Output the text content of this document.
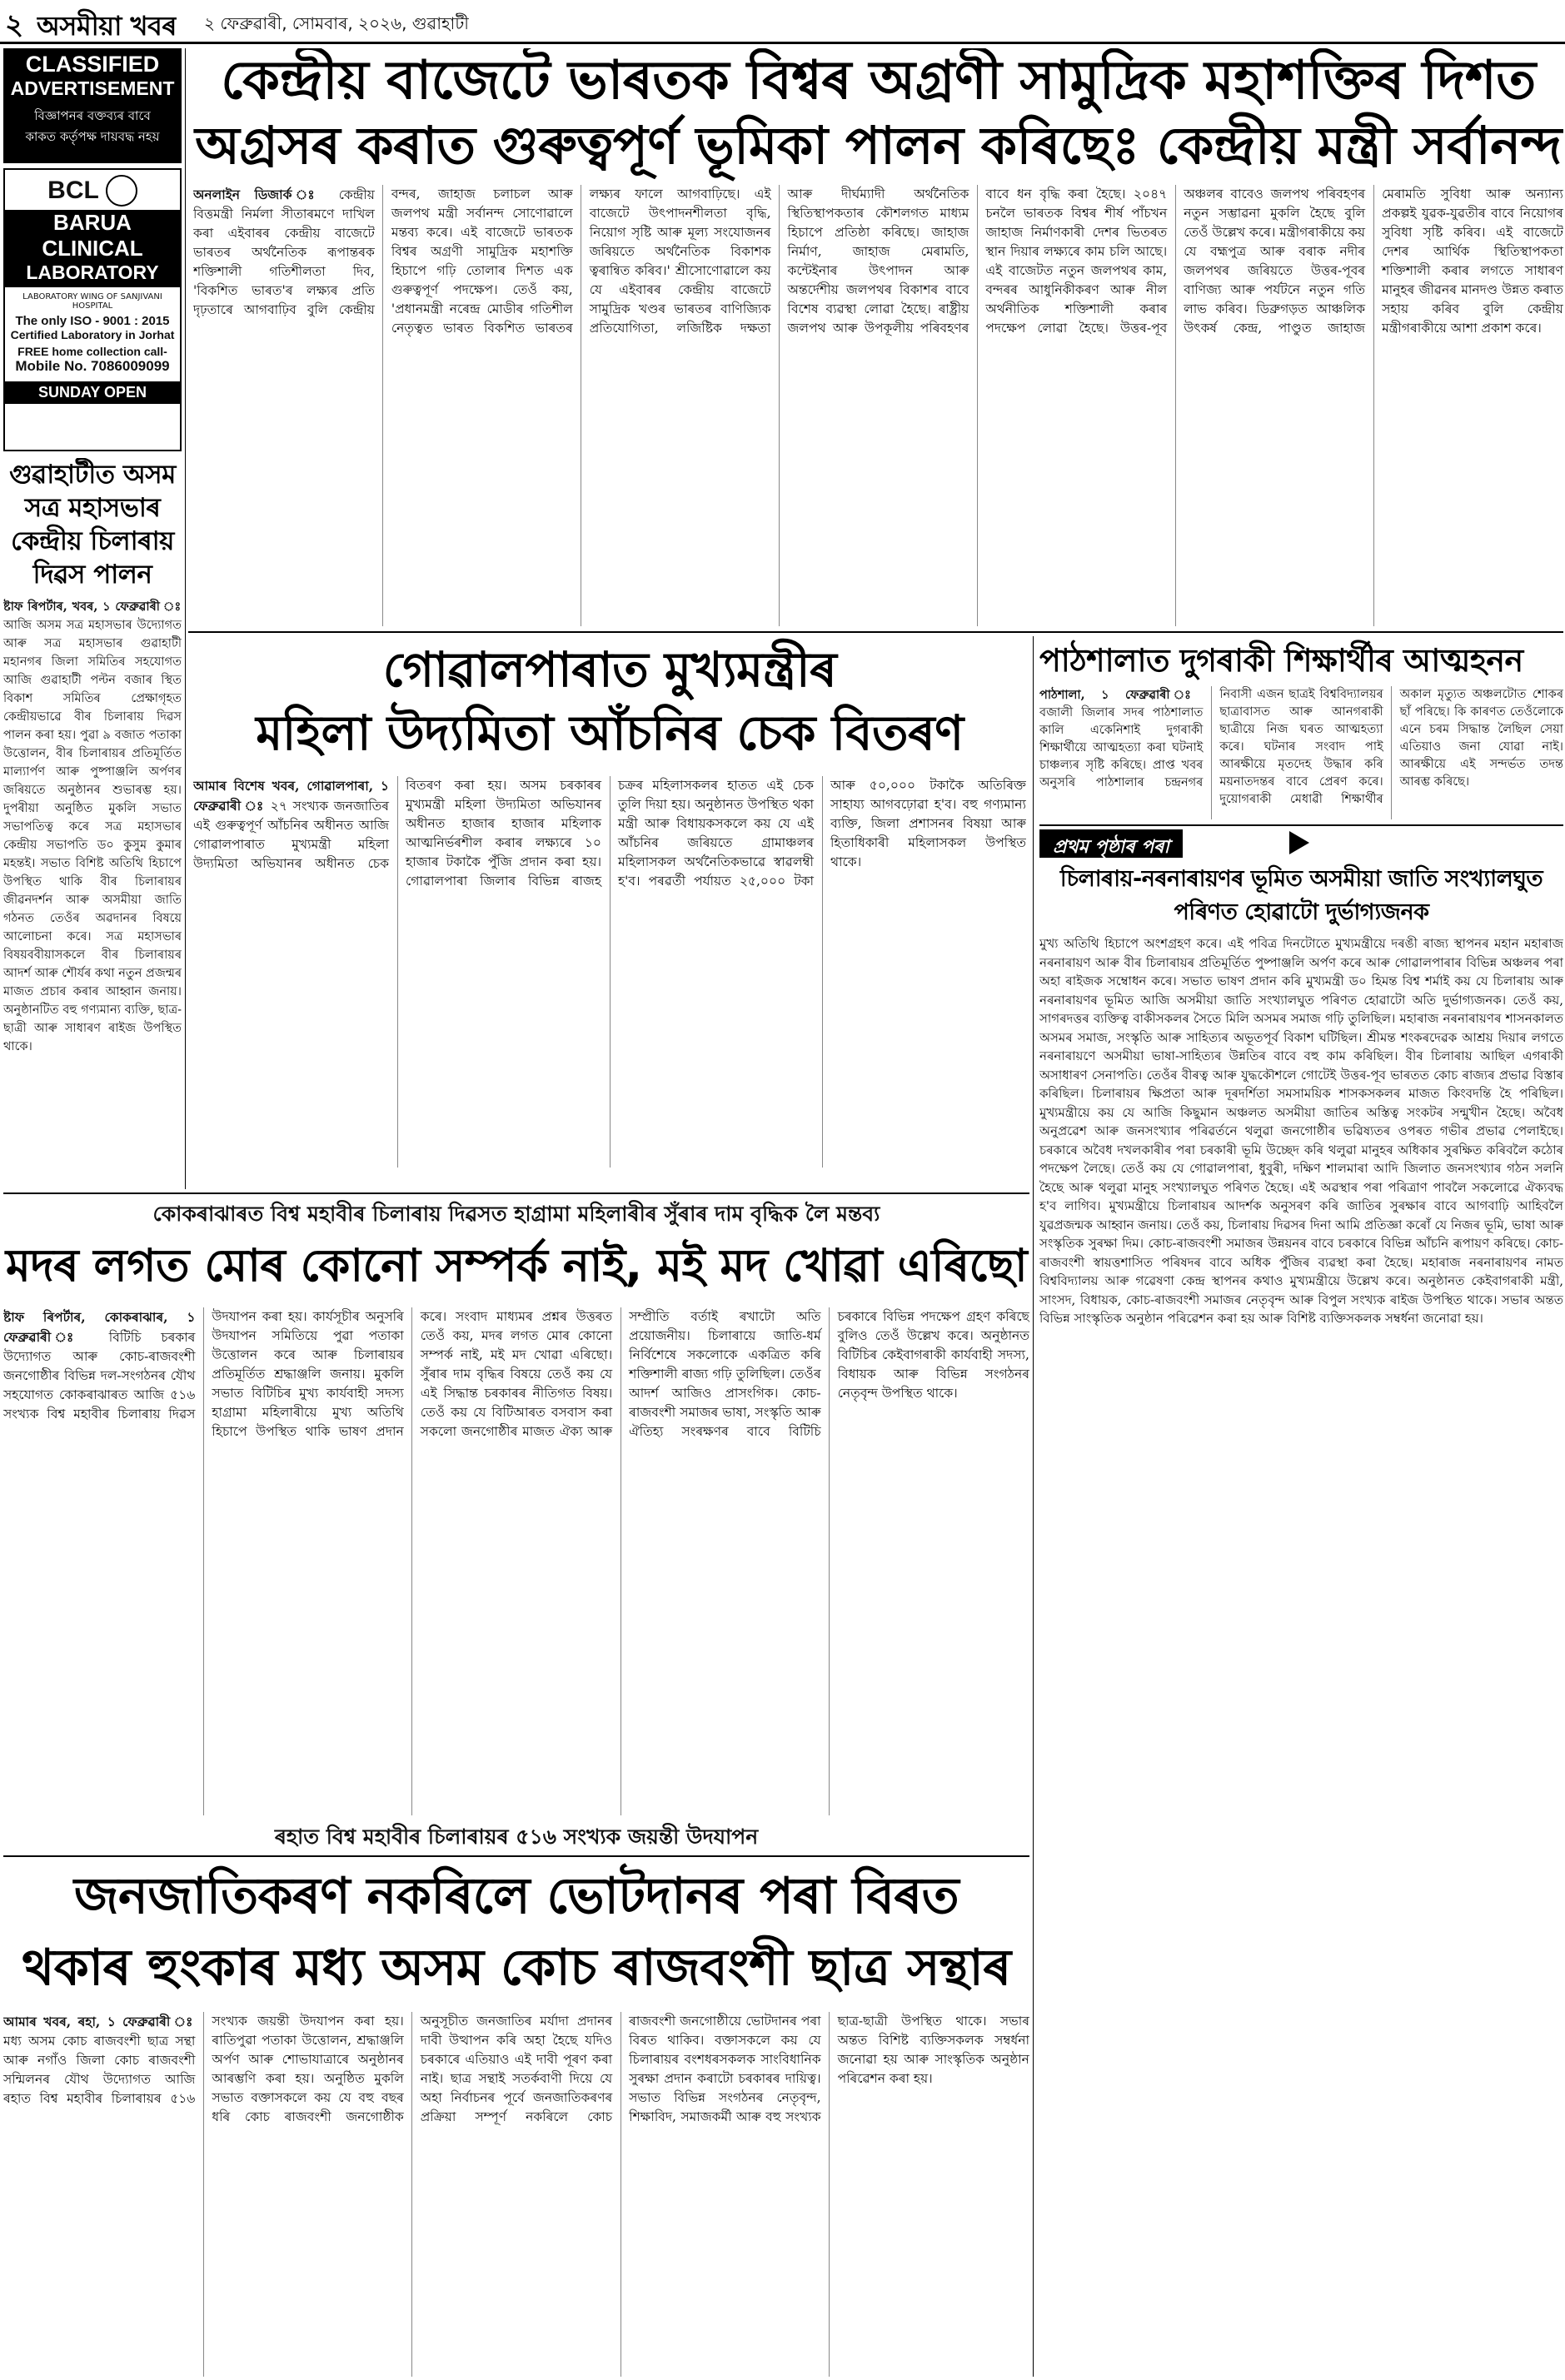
২ অসমীয়া খবৰ ২ ফেব্ৰুৱাৰী, সোমবাৰ, ২০২৬, গুৱাহাটী
CLASSIFIED
ADVERTISEMENT
বিজ্ঞাপনৰ বক্তব্যৰ বাবে
কাকত কৰ্তৃপক্ষ দায়বদ্ধ নহয়
BCL
BARUA
CLINICAL
LABORATORY
LABORATORY WING OF SANJIVANI HOSPITAL
The only ISO - 9001 : 2015
Certified Laboratory in Jorhat
FREE home collection call-
Mobile No. 7086009099
SUNDAY OPEN
গুৱাহাটীত অসম সত্ৰ মহাসভাৰ কেন্দ্ৰীয় চিলাৰায় দিৱস পালন
ষ্টাফ ৰিপৰ্টাৰ, খবৰ, ১ ফেব্ৰুৱাৰী ঃ আজি অসম সত্ৰ মহাসভাৰ উদ্যোগত আৰু সত্ৰ মহাসভাৰ গুৱাহাটী মহানগৰ জিলা সমিতিৰ সহযোগত আজি গুৱাহাটী পল্টন বজাৰ স্থিত বিকাশ সমিতিৰ প্ৰেক্ষাগৃহত কেন্দ্ৰীয়ভাৱে বীৰ চিলাৰায় দিৱস পালন কৰা হয়। পুৱা ৯ বজাত পতাকা উত্তোলন, বীৰ চিলাৰায়ৰ প্ৰতিমূৰ্তিত মাল্যাৰ্পণ আৰু পুষ্পাঞ্জলি অৰ্পণৰ জৰিয়তে অনুষ্ঠানৰ শুভাৰম্ভ হয়। দুপৰীয়া অনুষ্ঠিত মুকলি সভাত সভাপতিত্ব কৰে সত্ৰ মহাসভাৰ কেন্দ্ৰীয় সভাপতি ড০ কুসুম কুমাৰ মহন্তই। সভাত বিশিষ্ট অতিথি হিচাপে উপস্থিত থাকি বীৰ চিলাৰায়ৰ জীৱনদৰ্শন আৰু অসমীয়া জাতি গঠনত তেওঁৰ অৱদানৰ বিষয়ে আলোচনা কৰে। সত্ৰ মহাসভাৰ বিষয়ববীয়াসকলে বীৰ চিলাৰায়ৰ আদৰ্শ আৰু শৌৰ্যৰ কথা নতুন প্ৰজন্মৰ মাজত প্ৰচাৰ কৰাৰ আহ্বান জনায়। অনুষ্ঠানটিত বহু গণ্যমান্য ব্যক্তি, ছাত্ৰ-ছাত্ৰী আৰু সাধাৰণ ৰাইজ উপস্থিত থাকে।
কেন্দ্ৰীয় বাজেটে ভাৰতক বিশ্বৰ অগ্ৰণী সামুদ্ৰিক মহাশক্তিৰ দিশত
অগ্ৰসৰ কৰাত গুৰুত্বপূৰ্ণ ভূমিকা পালন কৰিছেঃ কেন্দ্ৰীয় মন্ত্ৰী সৰ্বানন্দ
অনলাইন ডিজাৰ্ক ঃ কেন্দ্ৰীয় বিত্তমন্ত্ৰী নিৰ্মলা সীতাৰমণে দাখিল কৰা এইবাৰৰ কেন্দ্ৰীয় বাজেটে ভাৰতৰ অৰ্থনৈতিক ৰূপান্তৰক শক্তিশালী গতিশীলতা দিব, 'বিকশিত ভাৰত'ৰ লক্ষ্যৰ প্ৰতি দৃঢ়তাৰে আগবাঢ়িব বুলি কেন্দ্ৰীয় বন্দৰ, জাহাজ চলাচল আৰু জলপথ মন্ত্ৰী সৰ্বানন্দ সোণোৱালে মন্তব্য কৰে। এই বাজেটে ভাৰতক বিশ্বৰ অগ্ৰণী সামুদ্ৰিক মহাশক্তি হিচাপে গঢ়ি তোলাৰ দিশত এক গুৰুত্বপূৰ্ণ পদক্ষেপ। তেওঁ কয়, 'প্ৰধানমন্ত্ৰী নৰেন্দ্ৰ মোডীৰ গতিশীল নেতৃত্বত ভাৰত বিকশিত ভাৰতৰ লক্ষ্যৰ ফালে আগবাঢ়িছে। এই বাজেটে উৎপাদনশীলতা বৃদ্ধি, নিয়োগ সৃষ্টি আৰু মূল্য সংযোজনৰ জৰিয়তে অৰ্থনৈতিক বিকাশক ত্বৰান্বিত কৰিব।' শ্ৰীসোণোৱালে কয় যে এইবাৰৰ কেন্দ্ৰীয় বাজেটে সামুদ্ৰিক খণ্ডৰ ভাৰতৰ বাণিজ্যিক প্ৰতিযোগিতা, লজিষ্টিক দক্ষতা আৰু দীৰ্ঘম্যাদী অৰ্থনৈতিক স্থিতিস্থাপকতাৰ কৌশলগত মাধ্যম হিচাপে প্ৰতিষ্ঠা কৰিছে। জাহাজ নিৰ্মাণ, জাহাজ মেৰামতি, কন্টেইনাৰ উৎপাদন আৰু অন্তৰ্দেশীয় জলপথৰ বিকাশৰ বাবে বিশেষ ব্যৱস্থা লোৱা হৈছে। ৰাষ্ট্ৰীয় জলপথ আৰু উপকূলীয় পৰিবহণৰ বাবে ধন বৃদ্ধি কৰা হৈছে। ২০৪৭ চনলৈ ভাৰতক বিশ্বৰ শীৰ্ষ পাঁচখন জাহাজ নিৰ্মাণকাৰী দেশৰ ভিতৰত স্থান দিয়াৰ লক্ষ্যৰে কাম চলি আছে। এই বাজেটত নতুন জলপথৰ কাম, বন্দৰৰ আধুনিকীকৰণ আৰু নীল অৰ্থনীতিক শক্তিশালী কৰাৰ পদক্ষেপ লোৱা হৈছে। উত্তৰ-পূব অঞ্চলৰ বাবেও জলপথ পৰিবহণৰ নতুন সম্ভাৱনা মুকলি হৈছে বুলি তেওঁ উল্লেখ কৰে। মন্ত্ৰীগৰাকীয়ে কয় যে বহ্মপুত্ৰ আৰু বৰাক নদীৰ জলপথৰ জৰিয়তে উত্তৰ-পূবৰ বাণিজ্য আৰু পৰ্যটনে নতুন গতি লাভ কৰিব। ডিব্ৰুগড়ত আঞ্চলিক উৎকৰ্ষ কেন্দ্ৰ, পাণ্ডুত জাহাজ মেৰামতি সুবিধা আৰু অন্যান্য প্ৰকল্পই যুৱক-যুৱতীৰ বাবে নিয়োগৰ সুবিধা সৃষ্টি কৰিব। এই বাজেটে দেশৰ আৰ্থিক স্থিতিস্থাপকতা শক্তিশালী কৰাৰ লগতে সাধাৰণ মানুহৰ জীৱনৰ মানদণ্ড উন্নত কৰাত সহায় কৰিব বুলি কেন্দ্ৰীয় মন্ত্ৰীগৰাকীয়ে আশা প্ৰকাশ কৰে।
গোৱালপাৰাত মুখ্যমন্ত্ৰীৰ
মহিলা উদ্যমিতা আঁচনিৰ চেক বিতৰণ
আমাৰ বিশেষ খবৰ, গোৱালপাৰা, ১ ফেব্ৰুৱাৰী ঃ ২৭ সংখ্যক জনজাতিৰ এই গুৰুত্বপূৰ্ণ আঁচনিৰ অধীনত আজি গোৱালপাৰাত মুখ্যমন্ত্ৰী মহিলা উদ্যমিতা অভিযানৰ অধীনত চেক বিতৰণ কৰা হয়। অসম চৰকাৰৰ মুখ্যমন্ত্ৰী মহিলা উদ্যমিতা অভিযানৰ অধীনত হাজাৰ হাজাৰ মহিলাক আত্মনিৰ্ভৰশীল কৰাৰ লক্ষ্যৰে ১০ হাজাৰ টকাকৈ পুঁজি প্ৰদান কৰা হয়। গোৱালপাৰা জিলাৰ বিভিন্ন ৰাজহ চক্ৰৰ মহিলাসকলৰ হাতত এই চেক তুলি দিয়া হয়। অনুষ্ঠানত উপস্থিত থকা মন্ত্ৰী আৰু বিধায়কসকলে কয় যে এই আঁচনিৰ জৰিয়তে গ্ৰামাঞ্চলৰ মহিলাসকল অৰ্থনৈতিকভাৱে স্বাৱলম্বী হ'ব। পৰৱৰ্তী পৰ্যায়ত ২৫,০০০ টকা আৰু ৫০,০০০ টকাকৈ অতিৰিক্ত সাহায্য আগবঢ়োৱা হ'ব। বহু গণ্যমান্য ব্যক্তি, জিলা প্ৰশাসনৰ বিষয়া আৰু হিতাধিকাৰী মহিলাসকল উপস্থিত থাকে।
পাঠশালাত দুগৰাকী শিক্ষাৰ্থীৰ আত্মহনন
পাঠশালা, ১ ফেব্ৰুৱাৰী ঃ বজালী জিলাৰ সদৰ পাঠশালাত কালি একেনিশাই দুগৰাকী শিক্ষাৰ্থীয়ে আত্মহত্যা কৰা ঘটনাই চাঞ্চল্যৰ সৃষ্টি কৰিছে। প্ৰাপ্ত খবৰ অনুসৰি পাঠশালাৰ চন্দ্ৰনগৰ নিবাসী এজন ছাত্ৰই বিশ্ববিদ্যালয়ৰ ছাত্ৰাবাসত আৰু আনগৰাকী ছাত্ৰীয়ে নিজ ঘৰত আত্মহত্যা কৰে। ঘটনাৰ সংবাদ পাই আৰক্ষীয়ে মৃতদেহ উদ্ধাৰ কৰি ময়নাতদন্তৰ বাবে প্ৰেৰণ কৰে। দুয়োগৰাকী মেধাৱী শিক্ষাৰ্থীৰ অকাল মৃত্যুত অঞ্চলটোত শোকৰ ছাঁ পৰিছে। কি কাৰণত তেওঁলোকে এনে চৰম সিদ্ধান্ত লৈছিল সেয়া এতিয়াও জনা যোৱা নাই। আৰক্ষীয়ে এই সন্দৰ্ভত তদন্ত আৰম্ভ কৰিছে।
প্ৰথম পৃষ্ঠাৰ পৰা
চিলাৰায়-নৰনাৰায়ণৰ ভূমিত অসমীয়া জাতি সংখ্যালঘুত
পৰিণত হোৱাটো দুৰ্ভাগ্যজনক
মুখ্য অতিথি হিচাপে অংশগ্ৰহণ কৰে। এই পবিত্ৰ দিনটোতে মুখ্যমন্ত্ৰীয়ে দৰঙী ৰাজ্য স্থাপনৰ মহান মহাৰাজ নৰনাৰায়ণ আৰু বীৰ চিলাৰায়ৰ প্ৰতিমূৰ্তিত পুষ্পাঞ্জলি অৰ্পণ কৰে আৰু গোৱালপাৰাৰ বিভিন্ন অঞ্চলৰ পৰা অহা ৰাইজক সম্বোধন কৰে। সভাত ভাষণ প্ৰদান কৰি মুখ্যমন্ত্ৰী ড০ হিমন্ত বিশ্ব শৰ্মাই কয় যে চিলাৰায় আৰু নৰনাৰায়ণৰ ভূমিত আজি অসমীয়া জাতি সংখ্যালঘুত পৰিণত হোৱাটো অতি দুৰ্ভাগ্যজনক। তেওঁ কয়, সাগৰদত্তৰ ব্যক্তিত্ব বাকীসকলৰ সৈতে মিলি অসমৰ সমাজ গঢ়ি তুলিছিল। মহাৰাজ নৰনাৰায়ণৰ শাসনকালত অসমৰ সমাজ, সংস্কৃতি আৰু সাহিত্যৰ অভূতপূৰ্ব বিকাশ ঘটিছিল। শ্ৰীমন্ত শংকৰদেৱক আশ্ৰয় দিয়াৰ লগতে নৰনাৰায়ণে অসমীয়া ভাষা-সাহিত্যৰ উন্নতিৰ বাবে বহু কাম কৰিছিল। বীৰ চিলাৰায় আছিল এগৰাকী অসাধাৰণ সেনাপতি। তেওঁৰ বীৰত্ব আৰু যুদ্ধকৌশলে গোটেই উত্তৰ-পূব ভাৰতত কোচ ৰাজ্যৰ প্ৰভাৱ বিস্তাৰ কৰিছিল। চিলাৰায়ৰ ক্ষিপ্ৰতা আৰু দূৰদৰ্শিতা সমসাময়িক শাসকসকলৰ মাজত কিংবদন্তি হৈ পৰিছিল। মুখ্যমন্ত্ৰীয়ে কয় যে আজি কিছুমান অঞ্চলত অসমীয়া জাতিৰ অস্তিত্ব সংকটৰ সন্মুখীন হৈছে। অবৈধ অনুপ্ৰৱেশ আৰু জনসংখ্যাৰ পৰিৱৰ্তনে থলুৱা জনগোষ্ঠীৰ ভৱিষ্যতৰ ওপৰত গভীৰ প্ৰভাৱ পেলাইছে। চৰকাৰে অবৈধ দখলকাৰীৰ পৰা চৰকাৰী ভূমি উচ্ছেদ কৰি থলুৱা মানুহৰ অধিকাৰ সুৰক্ষিত কৰিবলৈ কঠোৰ পদক্ষেপ লৈছে। তেওঁ কয় যে গোৱালপাৰা, ধুবুৰী, দক্ষিণ শালমাৰা আদি জিলাত জনসংখ্যাৰ গঠন সলনি হৈছে আৰু থলুৱা মানুহ সংখ্যালঘুত পৰিণত হৈছে। এই অৱস্থাৰ পৰা পৰিত্ৰাণ পাবলৈ সকলোৱে ঐক্যবদ্ধ হ'ব লাগিব। মুখ্যমন্ত্ৰীয়ে চিলাৰায়ৰ আদৰ্শক অনুসৰণ কৰি জাতিৰ সুৰক্ষাৰ বাবে আগবাঢ়ি আহিবলৈ যুৱপ্ৰজন্মক আহ্বান জনায়। তেওঁ কয়, চিলাৰায় দিৱসৰ দিনা আমি প্ৰতিজ্ঞা কৰোঁ যে নিজৰ ভূমি, ভাষা আৰু সংস্কৃতিক সুৰক্ষা দিম। কোচ-ৰাজবংশী সমাজৰ উন্নয়নৰ বাবে চৰকাৰে বিভিন্ন আঁচনি ৰূপায়ণ কৰিছে। কোচ-ৰাজবংশী স্বায়ত্তশাসিত পৰিষদৰ বাবে অধিক পুঁজিৰ ব্যৱস্থা কৰা হৈছে। মহাৰাজ নৰনাৰায়ণৰ নামত বিশ্ববিদ্যালয় আৰু গৱেষণা কেন্দ্ৰ স্থাপনৰ কথাও মুখ্যমন্ত্ৰীয়ে উল্লেখ কৰে। অনুষ্ঠানত কেইবাগৰাকী মন্ত্ৰী, সাংসদ, বিধায়ক, কোচ-ৰাজবংশী সমাজৰ নেতৃবৃন্দ আৰু বিপুল সংখ্যক ৰাইজ উপস্থিত থাকে। সভাৰ অন্তত বিভিন্ন সাংস্কৃতিক অনুষ্ঠান পৰিৱেশন কৰা হয় আৰু বিশিষ্ট ব্যক্তিসকলক সম্বৰ্ধনা জনোৱা হয়।
কোকৰাঝাৰত বিশ্ব মহাবীৰ চিলাৰায় দিৱসত হাগ্ৰামা মহিলাৰীৰ সুঁৰাৰ দাম বৃদ্ধিক লৈ মন্তব্য
মদৰ লগত মোৰ কোনো সম্পৰ্ক নাই, মই মদ খোৱা এৰিছো
ষ্টাফ ৰিপৰ্টাৰ, কোকৰাঝাৰ, ১ ফেব্ৰুৱাৰী ঃ বিটিচি চৰকাৰ উদ্যোগত আৰু কোচ-ৰাজবংশী জনগোষ্ঠীৰ বিভিন্ন দল-সংগঠনৰ যৌথ সহযোগত কোকৰাঝাৰত আজি ৫১৬ সংখ্যক বিশ্ব মহাবীৰ চিলাৰায় দিৱস উদযাপন কৰা হয়। কাৰ্যসূচীৰ অনুসৰি উদযাপন সমিতিয়ে পুৱা পতাকা উত্তোলন কৰে আৰু চিলাৰায়ৰ প্ৰতিমূৰ্তিত শ্ৰদ্ধাঞ্জলি জনায়। মুকলি সভাত বিটিচিৰ মুখ্য কাৰ্যবাহী সদস্য হাগ্ৰামা মহিলাৰীয়ে মুখ্য অতিথি হিচাপে উপস্থিত থাকি ভাষণ প্ৰদান কৰে। সংবাদ মাধ্যমৰ প্ৰশ্নৰ উত্তৰত তেওঁ কয়, মদৰ লগত মোৰ কোনো সম্পৰ্ক নাই, মই মদ খোৱা এৰিছো। সুঁৰাৰ দাম বৃদ্ধিৰ বিষয়ে তেওঁ কয় যে এই সিদ্ধান্ত চৰকাৰৰ নীতিগত বিষয়। তেওঁ কয় যে বিটিআৰত বসবাস কৰা সকলো জনগোষ্ঠীৰ মাজত ঐক্য আৰু সম্প্ৰীতি বৰ্তাই ৰখাটো অতি প্ৰয়োজনীয়। চিলাৰায়ে জাতি-ধৰ্ম নিৰ্বিশেষে সকলোকে একত্ৰিত কৰি শক্তিশালী ৰাজ্য গঢ়ি তুলিছিল। তেওঁৰ আদৰ্শ আজিও প্ৰাসংগিক। কোচ-ৰাজবংশী সমাজৰ ভাষা, সংস্কৃতি আৰু ঐতিহ্য সংৰক্ষণৰ বাবে বিটিচি চৰকাৰে বিভিন্ন পদক্ষেপ গ্ৰহণ কৰিছে বুলিও তেওঁ উল্লেখ কৰে। অনুষ্ঠানত বিটিচিৰ কেইবাগৰাকী কাৰ্যবাহী সদস্য, বিধায়ক আৰু বিভিন্ন সংগঠনৰ নেতৃবৃন্দ উপস্থিত থাকে।
ৰহাত বিশ্ব মহাবীৰ চিলাৰায়ৰ ৫১৬ সংখ্যক জয়ন্তী উদযাপন
জনজাতিকৰণ নকৰিলে ভোটদানৰ পৰা বিৰত
থকাৰ হুংকাৰ মধ্য অসম কোচ ৰাজবংশী ছাত্ৰ সন্থাৰ
আমাৰ খবৰ, ৰহা, ১ ফেব্ৰুৱাৰী ঃ মধ্য অসম কোচ ৰাজবংশী ছাত্ৰ সন্থা আৰু নগাঁও জিলা কোচ ৰাজবংশী সন্মিলনৰ যৌথ উদ্যোগত আজি ৰহাত বিশ্ব মহাবীৰ চিলাৰায়ৰ ৫১৬ সংখ্যক জয়ন্তী উদযাপন কৰা হয়। ৰাতিপুৱা পতাকা উত্তোলন, শ্ৰদ্ধাঞ্জলি অৰ্পণ আৰু শোভাযাত্ৰাৰে অনুষ্ঠানৰ আৰম্ভণি কৰা হয়। অনুষ্ঠিত মুকলি সভাত বক্তাসকলে কয় যে বহু বছৰ ধৰি কোচ ৰাজবংশী জনগোষ্ঠীক অনুসূচীত জনজাতিৰ মৰ্যাদা প্ৰদানৰ দাবী উত্থাপন কৰি অহা হৈছে যদিও চৰকাৰে এতিয়াও এই দাবী পূৰণ কৰা নাই। ছাত্ৰ সন্থাই সতৰ্কবাণী দিয়ে যে অহা নিৰ্বাচনৰ পূৰ্বে জনজাতিকৰণৰ প্ৰক্ৰিয়া সম্পূৰ্ণ নকৰিলে কোচ ৰাজবংশী জনগোষ্ঠীয়ে ভোটদানৰ পৰা বিৰত থাকিব। বক্তাসকলে কয় যে চিলাৰায়ৰ বংশধৰসকলক সাংবিধানিক সুৰক্ষা প্ৰদান কৰাটো চৰকাৰৰ দায়িত্ব। সভাত বিভিন্ন সংগঠনৰ নেতৃবৃন্দ, শিক্ষাবিদ, সমাজকৰ্মী আৰু বহু সংখ্যক ছাত্ৰ-ছাত্ৰী উপস্থিত থাকে। সভাৰ অন্তত বিশিষ্ট ব্যক্তিসকলক সম্বৰ্ধনা জনোৱা হয় আৰু সাংস্কৃতিক অনুষ্ঠান পৰিৱেশন কৰা হয়।
